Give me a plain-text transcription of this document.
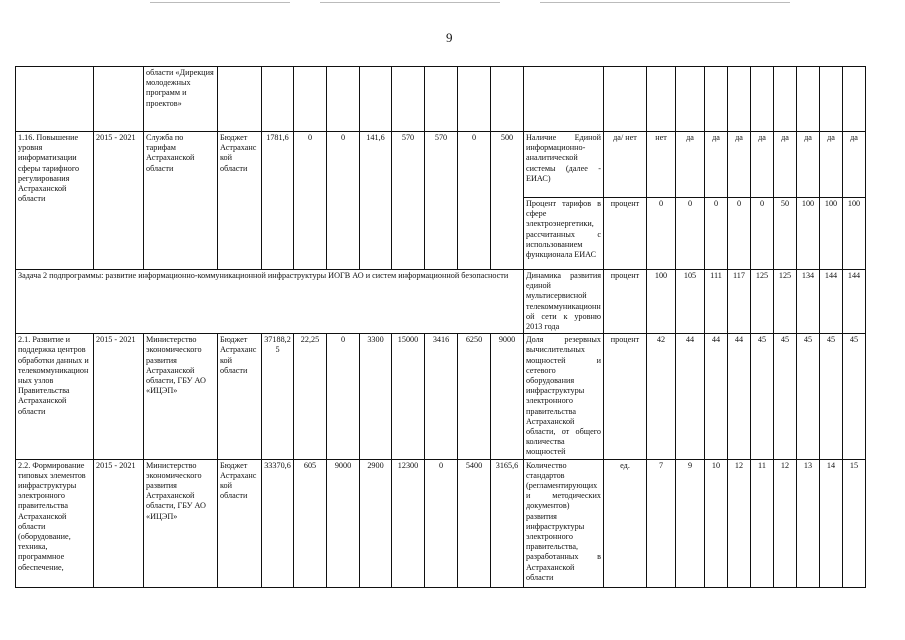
9
		области «Дирекция молодежных программ и проектов»																				
1.16. Повышение уровня информатизации сферы тарифного регулирования Астраханской области	2015 - 2021	Служба по тарифам Астраханской области	Бюджет Астраханской области	1781,6	0	0	141,6	570	570	0	500	Наличие Единой информационно-аналитической системы (далее - ЕИАС)	да/ нет	нет	да	да	да	да	да	да	да	да
												Процент тарифов в сфере электроэнергетики, рассчитанных с использованием функционала ЕИАС	процент	0	0	0	0	0	50	100	100	100
Задача 2 подпрограммы: развитие информационно-коммуникационной инфраструктуры ИОГВ АО и систем информационной безопасности												Динамика развития единой мультисервисной телекоммуникационной сети к уровню 2013 года	процент	100	105	111	117	125	125	134	144	144
2.1. Развитие и поддержка центров обработки данных и телекоммуникационных узлов Правительства Астраханской области	2015 - 2021	Министерство экономического развития Астраханской области, ГБУ АО «ИЦЭП»	Бюджет Астраханской области	37188,25	22,25	0	3300	15000	3416	6250	9000	Доля резервных вычислительных мощностей и сетевого оборудования инфраструктуры электронного правительства Астраханской области, от общего количества мощностей	процент	42	44	44	44	45	45	45	45	45
2.2. Формирование типовых элементов инфраструктуры электронного правительства Астраханской области (оборудование, техника, программное обеспечение,	2015 - 2021	Министерство экономического развития Астраханской области, ГБУ АО «ИЦЭП»	Бюджет Астраханской области	33370,6	605	9000	2900	12300	0	5400	3165,6	Количество стандартов (регламентирующих и методических документов) развития инфраструктуры электронного правительства, разработанных в Астраханской области	ед.	7	9	10	12	11	12	13	14	15
